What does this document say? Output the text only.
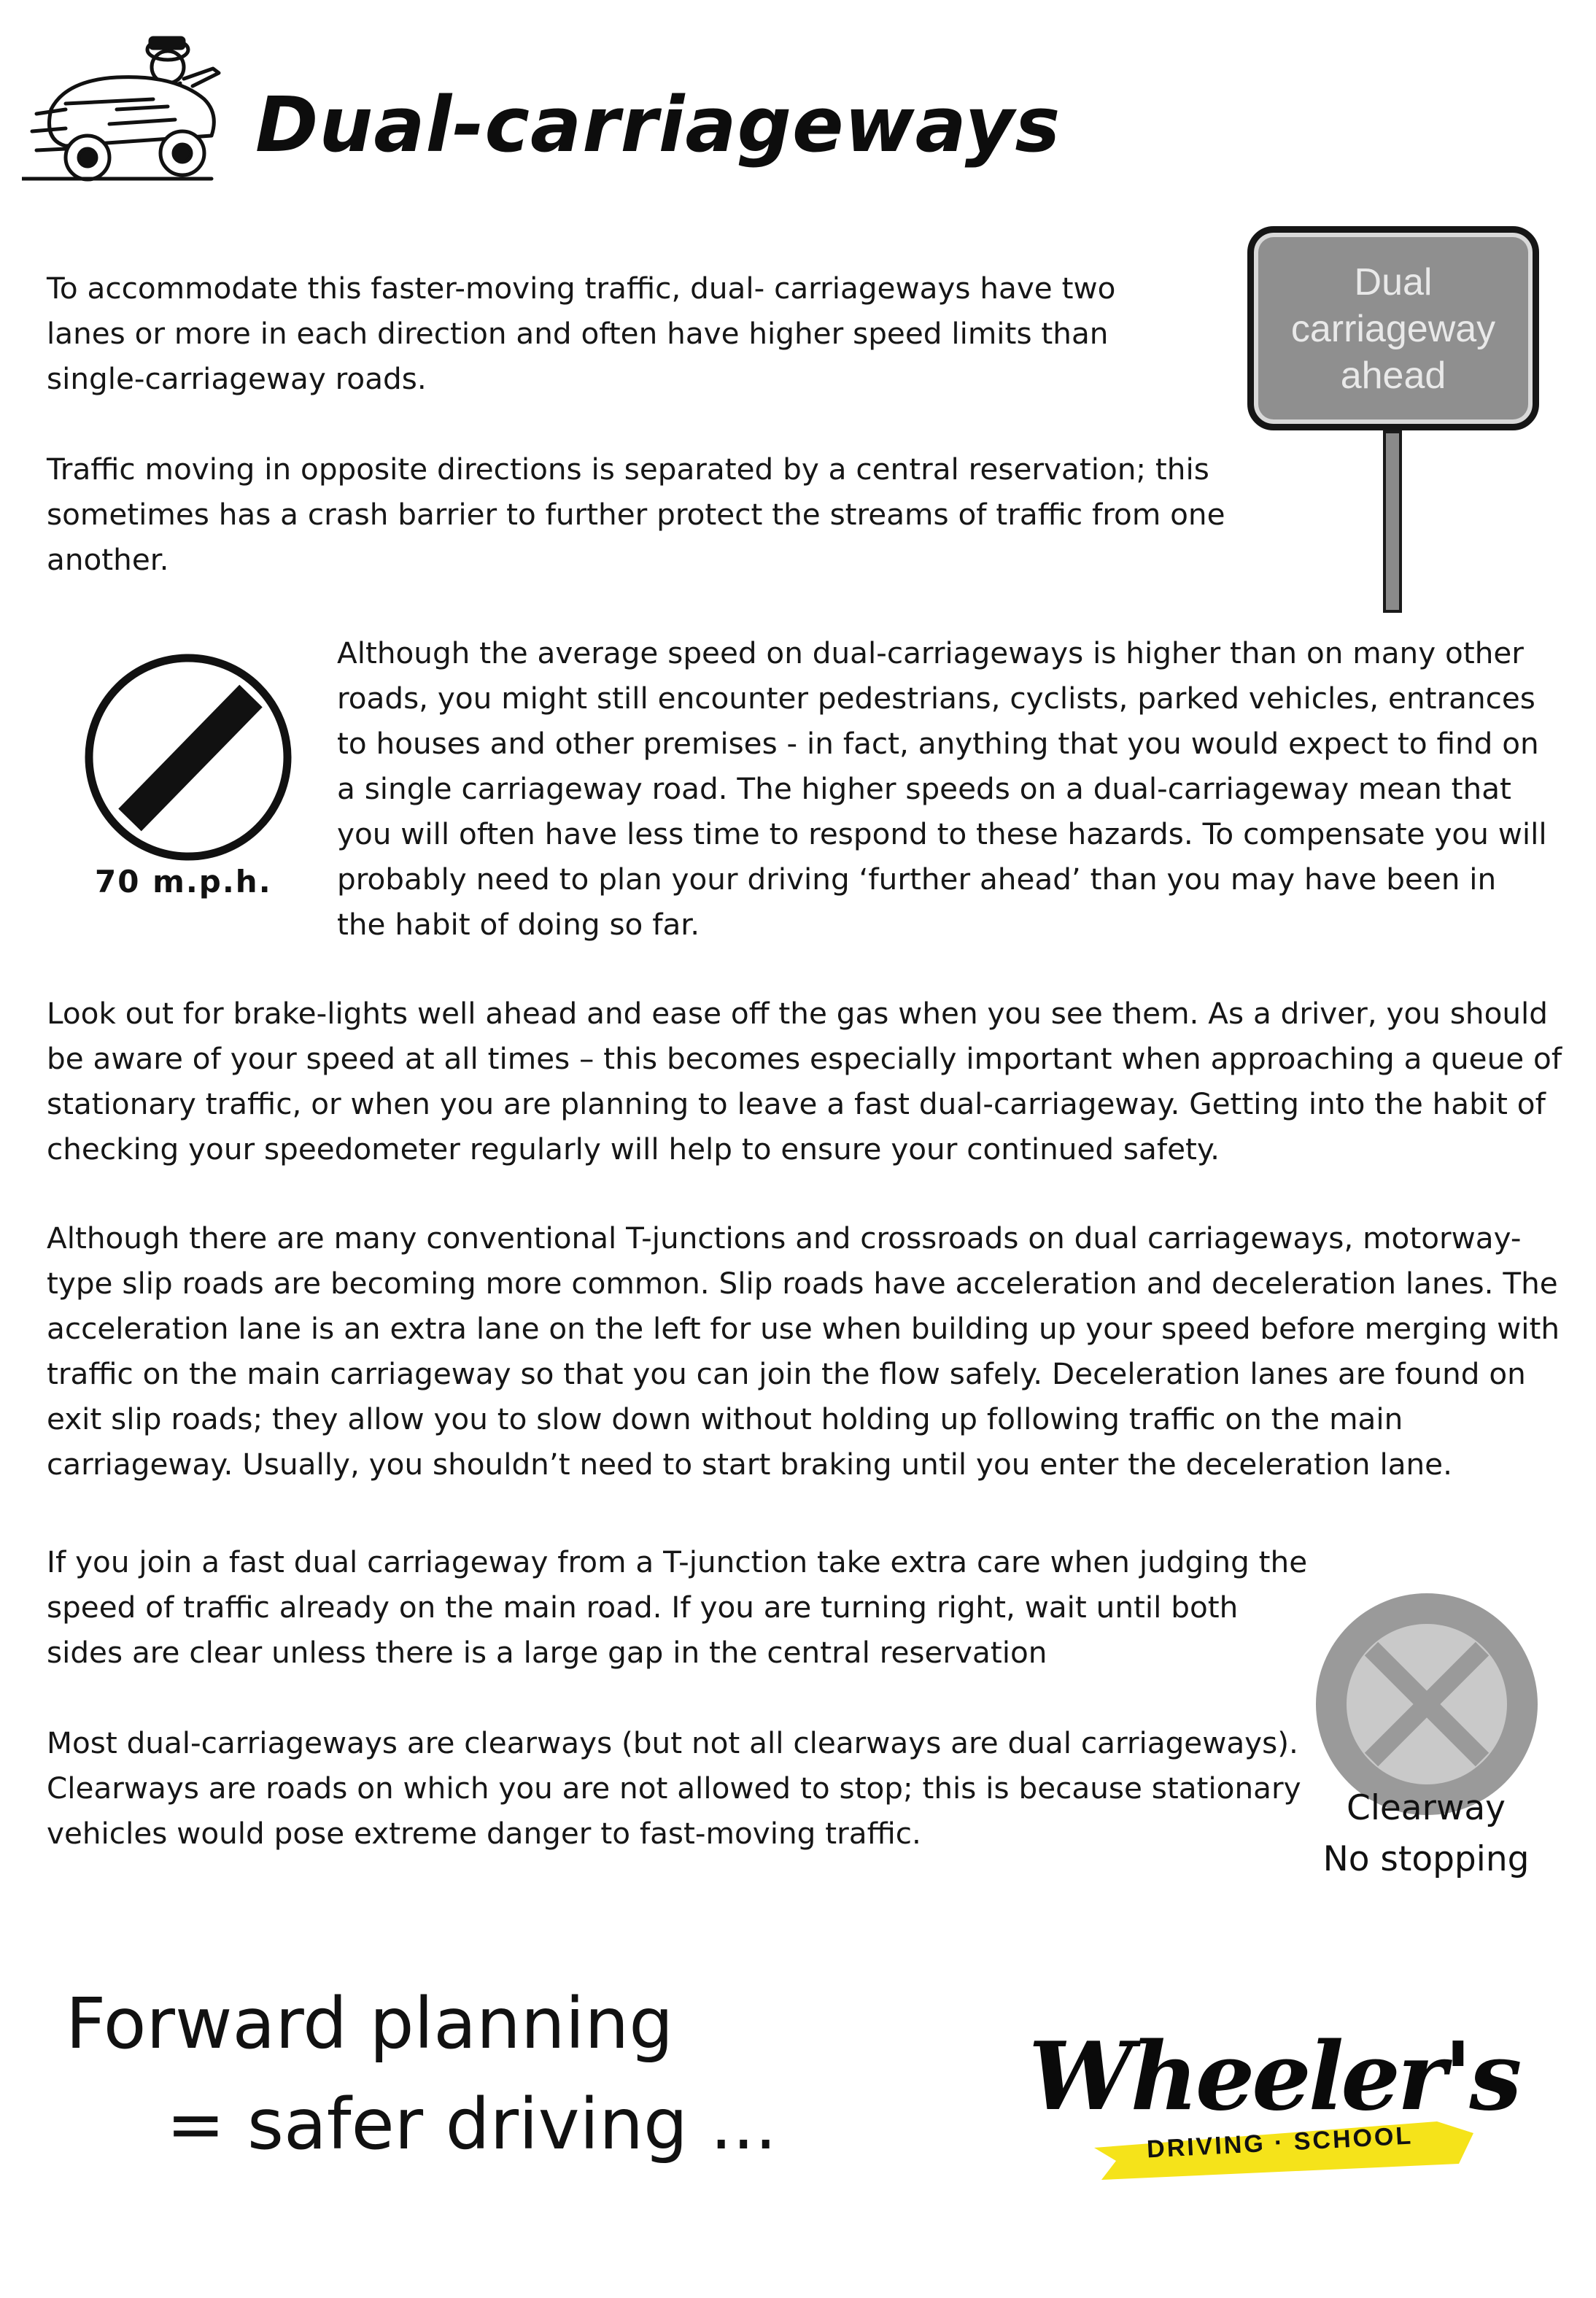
Dual-carriageways
Dual
carriageway
ahead

To accommodate this faster-moving traffic, dual- carriageways have two lanes or more in each direction and often have higher speed limits than single-carriageway roads.

Traffic moving in opposite directions is separated by a central reservation; this sometimes has a crash barrier to further protect the streams of traffic from one another.

70 m.p.h.

Although the average speed on dual-carriageways is higher than on many other roads, you might still encounter pedestrians, cyclists, parked vehicles, entrances to houses and other premises - in fact, anything that you would expect to find on a single carriageway road. The higher speeds on a dual-carriageway mean that you will often have less time to respond to these hazards. To compensate you will probably need to plan your driving ‘further ahead’ than you may have been in the habit of doing so far.

Look out for brake-lights well ahead and ease off the gas when you see them. As a driver, you should be aware of your speed at all times – this becomes especially important when approaching a queue of stationary traffic, or when you are planning to leave a fast dual-carriageway. Getting into the habit of checking your speedometer regularly will help to ensure your continued safety.

Although there are many conventional T-junctions and crossroads on dual carriageways, motorway-type slip roads are becoming more common. Slip roads have acceleration and deceleration lanes. The acceleration lane is an extra lane on the left for use when building up your speed before merging with traffic on the main carriageway so that you can join the flow safely. Deceleration lanes are found on exit slip roads; they allow you to slow down without holding up following traffic on the main carriageway. Usually, you shouldn’t need to start braking until you enter the deceleration lane.

If you join a fast dual carriageway from a T-junction take extra care when judging the speed of traffic already on the main road. If you are turning right, wait until both sides are clear unless there is a large gap in the central reservation

Most dual-carriageways are clearways (but not all clearways are dual carriageways). Clearways are roads on which you are not allowed to stop; this is because stationary vehicles would pose extreme danger to fast-moving traffic.

Clearway
No stopping
Forward planning
= safer driving ...	Wheeler's
DRIVING · SCHOOL
